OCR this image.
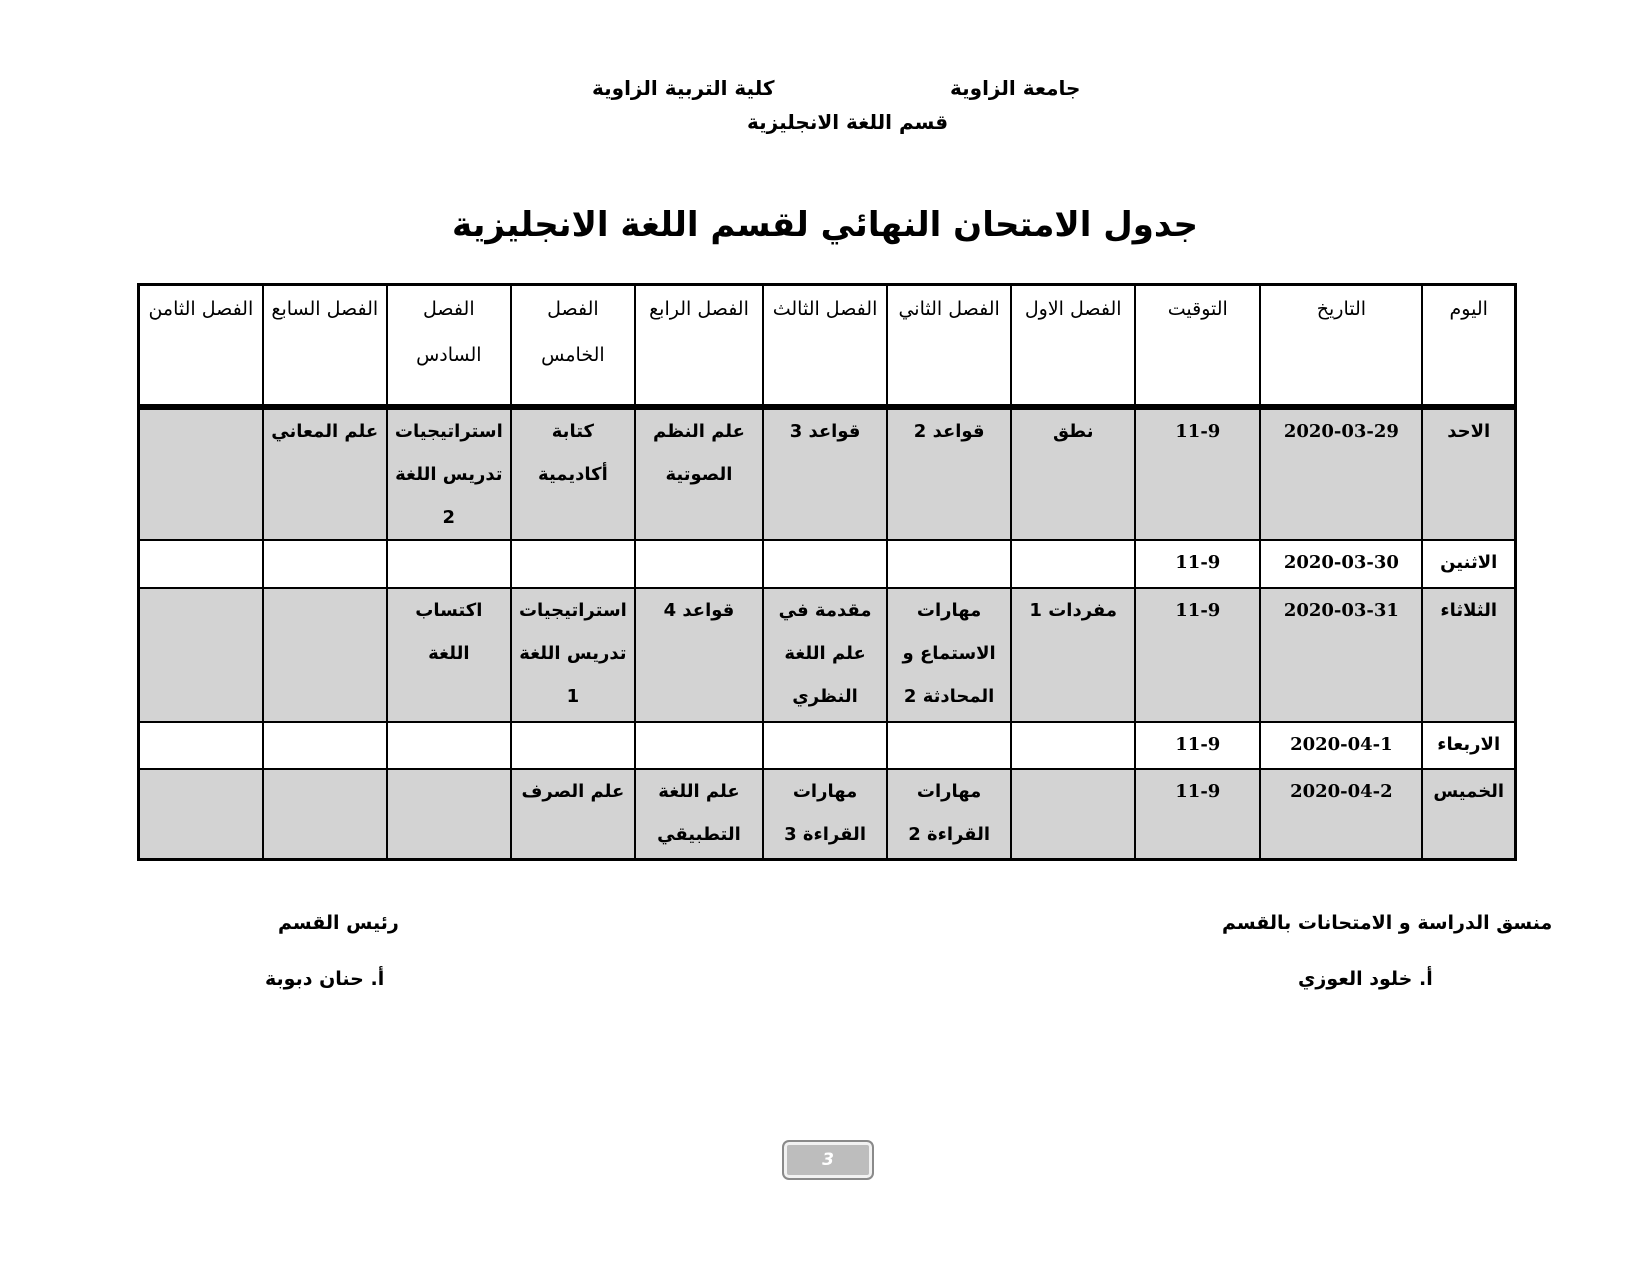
جامعة الزاوية
كلية التربية الزاوية
قسم اللغة الانجليزية
جدول الامتحان النهائي لقسم اللغة الانجليزية
اليوم	التاريخ	التوقيت	الفصل الاول	الفصل الثاني	الفصل الثالث	الفصل الرابع	الفصل الخامس	الفصل السادس	الفصل السابع	الفصل الثامن
الاحد	2020-03-29	11-9	نطق	قواعد 2	قواعد 3	علم النظم الصوتية	كتابة أكاديمية	استراتيجيات تدريس اللغة 2	علم المعاني	
الاثنين	2020-03-30	11-9								
الثلاثاء	2020-03-31	11-9	مفردات 1	مهارات الاستماع و المحادثة 2	مقدمة في علم اللغة النظري	قواعد 4	استراتيجيات تدريس اللغة 1	اكتساب اللغة		
الاربعاء	2020-04-1	11-9								
الخميس	2020-04-2	11-9		مهارات القراءة 2	مهارات القراءة 3	علم اللغة التطبيقي	علم الصرف			
منسق الدراسة و الامتحانات بالقسم
أ. خلود العوزي
رئيس القسم
أ. حنان دبوبة
3
